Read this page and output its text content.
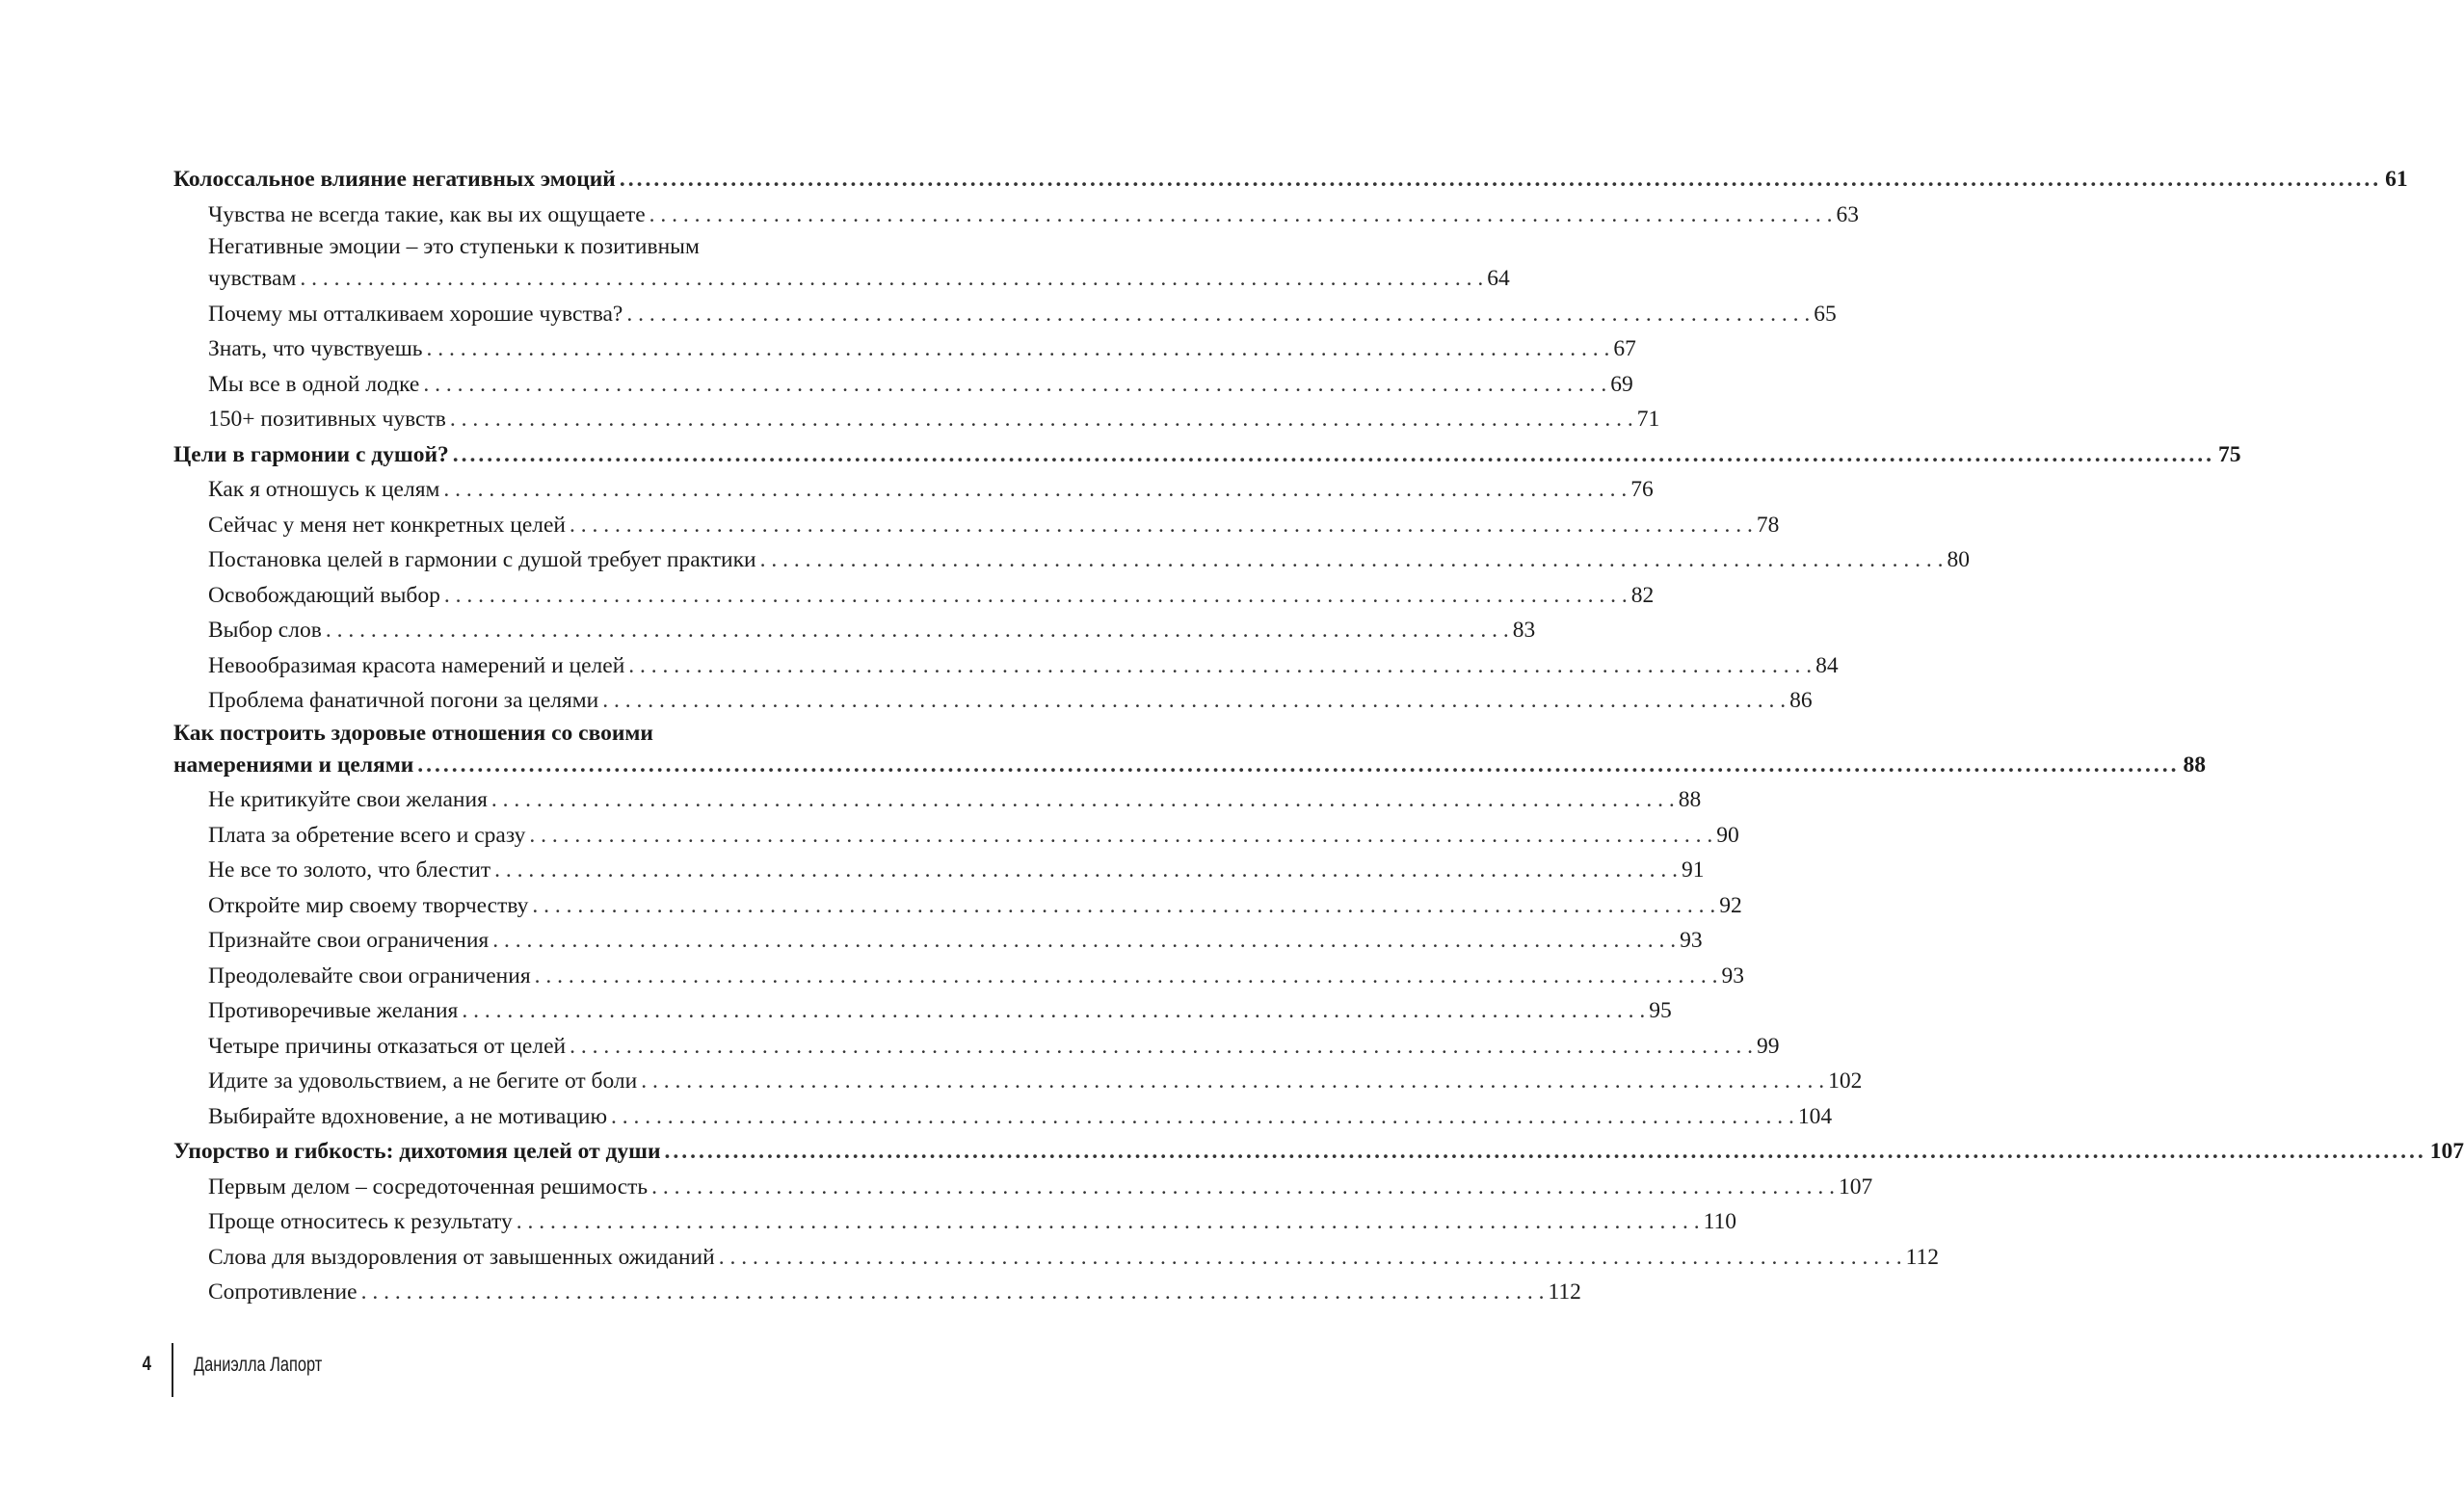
Колоссальное влияние негативных эмоций .....	61
Чувства не всегда такие, как вы их ощущаете . . .	63
Негативные эмоции – это ступеньки к позитивным
чувствам . . .	64
Почему мы отталкиваем хорошие чувства? . . .	65
Знать, что чувствуешь . . .	67
Мы все в одной лодке . . .	69
150+ позитивных чувств . . .	71
Цели в гармонии с душой? .....	75
Как я отношусь к целям . . .	76
Сейчас у меня нет конкретных целей . . .	78
Постановка целей в гармонии с душой требует практики . . .	80
Освобождающий выбор . . .	82
Выбор слов . . .	83
Невообразимая красота намерений и целей . . .	84
Проблема фанатичной погони за целями . . .	86
Как построить здоровые отношения со своими
намерениями и целями .....	88
Не критикуйте свои желания . . .	88
Плата за обретение всего и сразу . . .	90
Не все то золото, что блестит . . .	91
Откройте мир своему творчеству . . .	92
Признайте свои ограничения . . .	93
Преодолевайте свои ограничения . . .	93
Противоречивые желания . . .	95
Четыре причины отказаться от целей . . .	99
Идите за удовольствием, а не бегите от боли . . .	102
Выбирайте вдохновение, а не мотивацию . . .	104
Упорство и гибкость: дихотомия целей от души .....	107
Первым делом – сосредоточенная решимость . . .	107
Проще относитесь к результату . . .	110
Слова для выздоровления от завышенных ожиданий . . .	112
Сопротивление . . .	112
4 Даниэлла Лапорт
